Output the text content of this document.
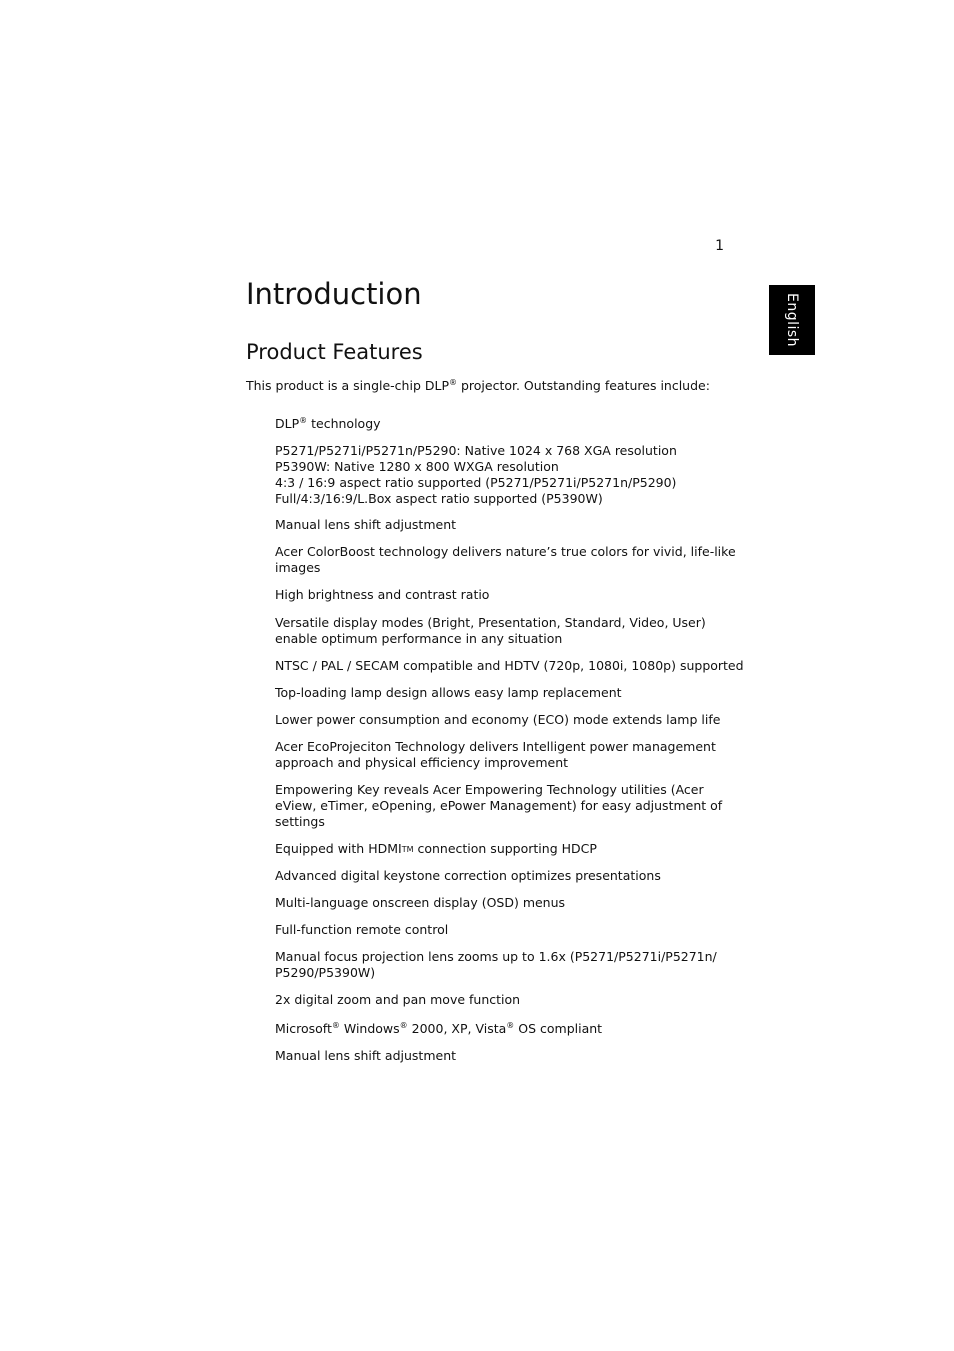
1
English
Introduction
Product Features

This product is a single-chip DLP® projector. Outstanding features include:

DLP® technology
P5271/P5271i/P5271n/P5290: Native 1024 x 768 XGA resolution
P5390W: Native 1280 x 800 WXGA resolution
4:3 / 16:9 aspect ratio supported (P5271/P5271i/P5271n/P5290)
Full/4:3/16:9/L.Box aspect ratio supported (P5390W)
Manual lens shift adjustment
Acer ColorBoost technology delivers nature’s true colors for vivid, life-like
images
High brightness and contrast ratio
Versatile display modes (Bright, Presentation, Standard, Video, User)
enable optimum performance in any situation
NTSC / PAL / SECAM compatible and HDTV (720p, 1080i, 1080p) supported
Top-loading lamp design allows easy lamp replacement
Lower power consumption and economy (ECO) mode extends lamp life
Acer EcoProjeciton Technology delivers Intelligent power management
approach and physical efficiency improvement
Empowering Key reveals Acer Empowering Technology utilities (Acer
eView, eTimer, eOpening, ePower Management) for easy adjustment of
settings
Equipped with HDMITM connection supporting HDCP
Advanced digital keystone correction optimizes presentations
Multi-language onscreen display (OSD) menus
Full-function remote control
Manual focus projection lens zooms up to 1.6x (P5271/P5271i/P5271n/
P5290/P5390W)
2x digital zoom and pan move function
Microsoft® Windows® 2000, XP, Vista® OS compliant
Manual lens shift adjustment
